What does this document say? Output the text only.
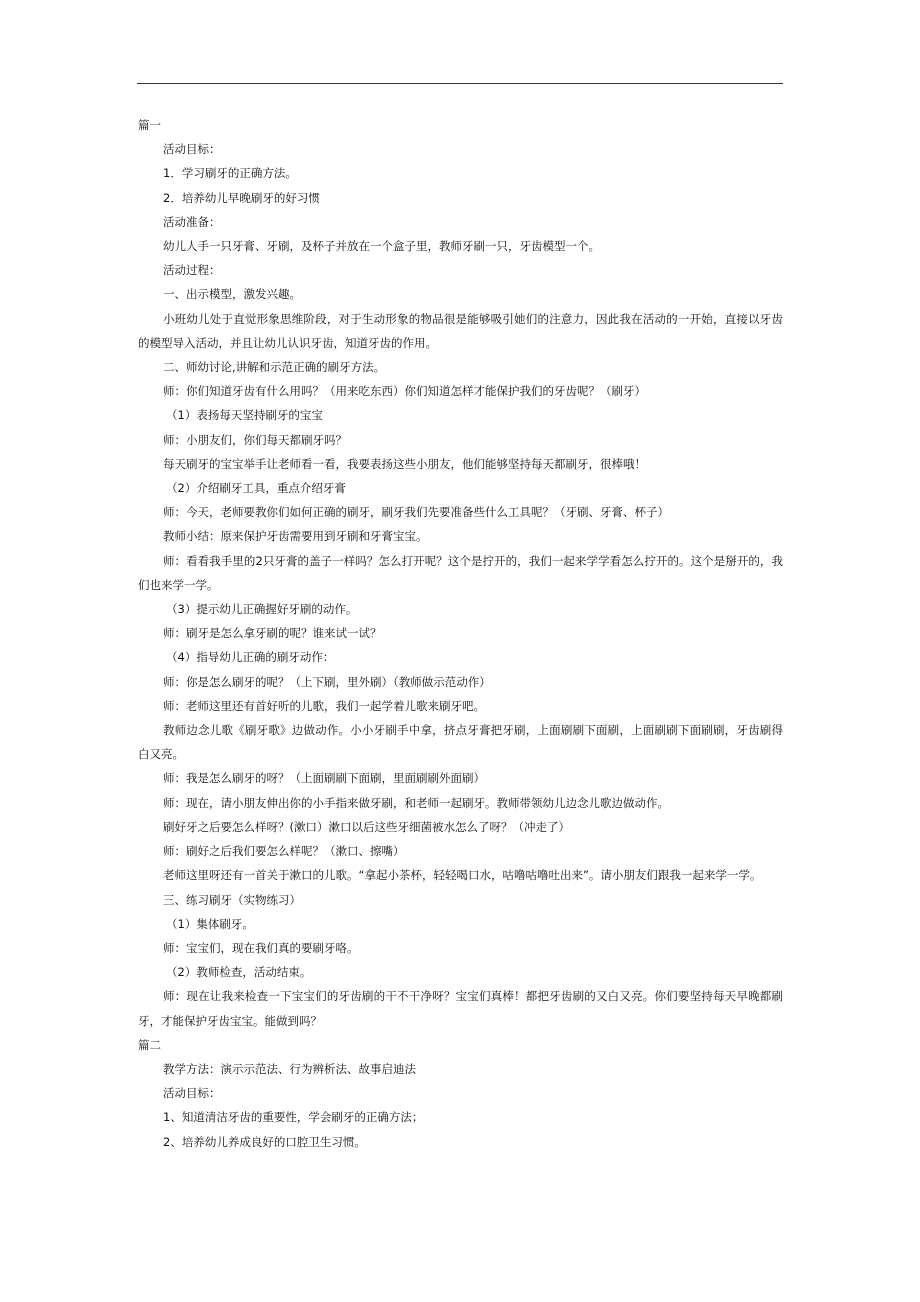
篇一
活动目标：
1．学习刷牙的正确方法。
2．培养幼儿早晚刷牙的好习惯
活动准备：
幼儿人手一只牙膏、牙刷，及杯子并放在一个盒子里，教师牙刷一只，牙齿模型一个。
活动过程：
一、出示模型，激发兴趣。
小班幼儿处于直觉形象思维阶段，对于生动形象的物品很是能够吸引她们的注意力，因此我在活动的一开始，直接以牙齿的模型导入活动，并且让幼儿认识牙齿，知道牙齿的作用。
二、师幼讨论,讲解和示范正确的刷牙方法。
师：你们知道牙齿有什么用吗？（用来吃东西）你们知道怎样才能保护我们的牙齿呢？（刷牙）
（1）表扬每天坚持刷牙的宝宝
师：小朋友们，你们每天都刷牙吗？
每天刷牙的宝宝举手让老师看一看，我要表扬这些小朋友，他们能够坚持每天都刷牙，很棒哦！
（2）介绍刷牙工具，重点介绍牙膏
师：今天，老师要教你们如何正确的刷牙，刷牙我们先要准备些什么工具呢？（牙刷、牙膏、杯子）
教师小结：原来保护牙齿需要用到牙刷和牙膏宝宝。
师：看看我手里的2只牙膏的盖子一样吗？怎么打开呢？这个是拧开的，我们一起来学学看怎么拧开的。这个是掰开的，我们也来学一学。
（3）提示幼儿正确握好牙刷的动作。
师：刷牙是怎么拿牙刷的呢？谁来试一试？
（4）指导幼儿正确的刷牙动作：
师：你是怎么刷牙的呢？（上下刷，里外刷）（教师做示范动作）
师：老师这里还有首好听的儿歌，我们一起学着儿歌来刷牙吧。
教师边念儿歌《刷牙歌》边做动作。小小牙刷手中拿，挤点牙膏把牙刷，上面刷刷下面刷，上面刷刷下面刷刷，牙齿刷得白又亮。
师：我是怎么刷牙的呀？（上面刷刷下面刷，里面刷刷外面刷）
师：现在，请小朋友伸出你的小手指来做牙刷，和老师一起刷牙。教师带领幼儿边念儿歌边做动作。
刷好牙之后要怎么样呀？(漱口）漱口以后这些牙细菌被水怎么了呀？（冲走了）
师：刷好之后我们要怎么样呢？（漱口、擦嘴）
老师这里呀还有一首关于漱口的儿歌。“拿起小茶杯，轻轻喝口水，咕噜咕噜吐出来”。请小朋友们跟我一起来学一学。
三、练习刷牙（实物练习）
（1）集体刷牙。
师：宝宝们，现在我们真的要刷牙咯。
（2）教师检查，活动结束。
师：现在让我来检查一下宝宝们的牙齿刷的干不干净呀？宝宝们真棒！都把牙齿刷的又白又亮。你们要坚持每天早晚都刷牙，才能保护牙齿宝宝。能做到吗？
篇二
教学方法：演示示范法、行为辨析法、故事启迪法
活动目标：
1、知道清洁牙齿的重要性，学会刷牙的正确方法；
2、培养幼儿养成良好的口腔卫生习惯。
